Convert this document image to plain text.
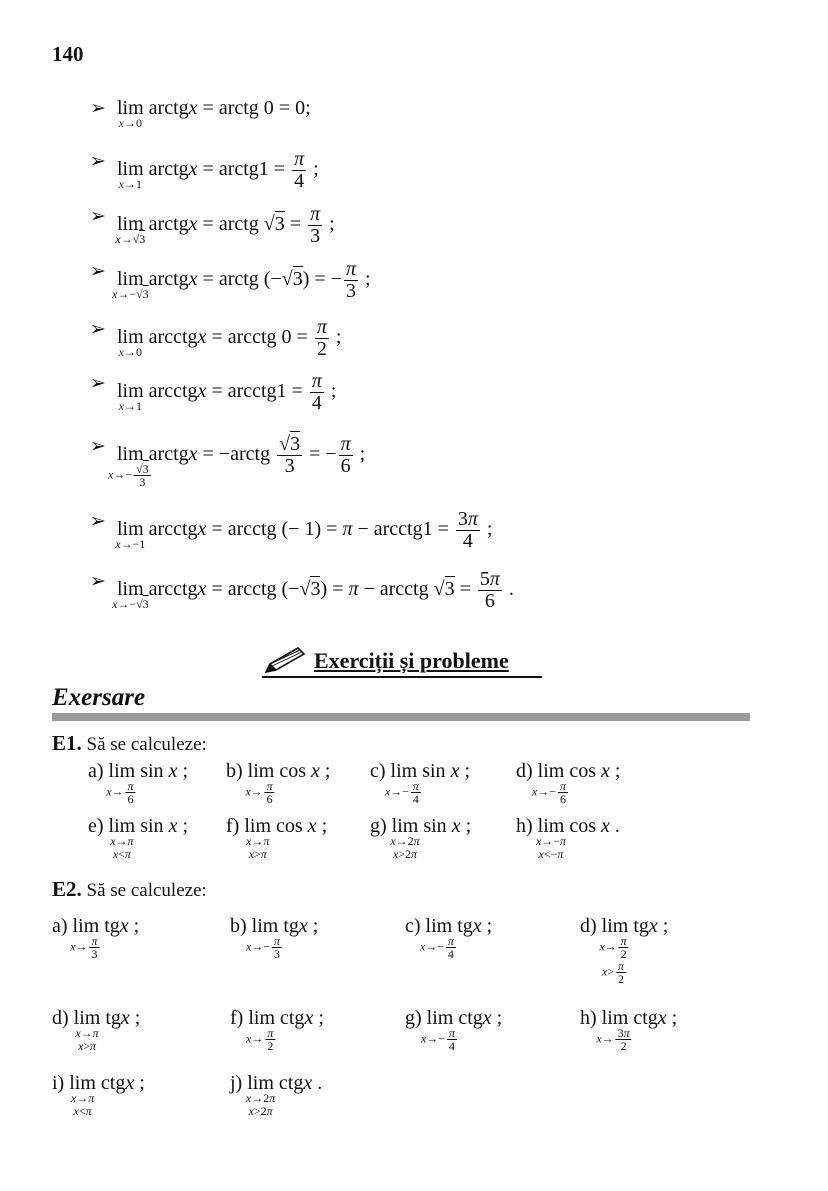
140
➢ lim
x→0
arctgx = arctg 0 = 0;
➢ lim
x→1
arctgx = arctg1 = $\frac{\pi}{4}$ ;
➢ lim
x→√3
arctgx = arctg $√3 = \frac{\pi}{3}$ ;
➢ lim
x→−√3
arctgx = arctg (−√3) = − $\frac{\pi}{3}$ ;
➢ lim
x→0
arcctgx = arcctg $0 = \frac{\pi}{2}$ ;
➢ lim
x→1
arcctgx = arcctg1 = $\frac{\pi}{4}$ ;
➢ lim
$x\to- \frac{√3}{3}$
arctgx = −arctg $\frac{√3}{3}$ = − $\frac{\pi}{6}$ ;
➢ lim
x→−1
arcctgx = arcctg (− 1) = π − arcctg1 = $\frac{3\pi}{4}$ ;
➢ lim
x→−√3
arcctgx = arcctg (−√3) = π − arcctg $√3 = \frac{5\pi}{6}$ .
Exerciții și probleme
Exersare
E1. Să se calculeze:
a) lim
$x\to \frac{\pi}{6}$
sin x ; b) lim
$x\to \frac{\pi}{6}$
cos x ; c) lim
$x\to- \frac{\pi}{4}$
sin x ; d) lim
$x\to- \frac{\pi}{6}$
cos x ;
e) lim
x→π
x<π
sin x ; f) lim
x→π
x>π
cos x ; g) lim
x→2π
x>2π
sin x ; h) lim
x→−π
x<−π
cos x .
E2. Să se calculeze:
a) lim
$x\to \frac{\pi}{3}$
tgx ;	b) lim
$x\to- \frac{\pi}{3}$
tgx ;	c) lim
$x\to- \frac{\pi}{4}$
tgx ;	d) lim
$x\to \frac{\pi}{2}$
$x> \frac{\pi}{2}$
tgx ;
d) lim
x→π
x>π
tgx ;	f) lim
$x\to \frac{\pi}{2}$
ctgx ;	g) lim
$x\to- \frac{\pi}{4}$
ctgx ;	h) lim
$x\to \frac{3\pi}{2}$
ctgx ;
i) lim
x→π
x<π
ctgx ;	j) lim
x→2π
x>2π
ctgx .
